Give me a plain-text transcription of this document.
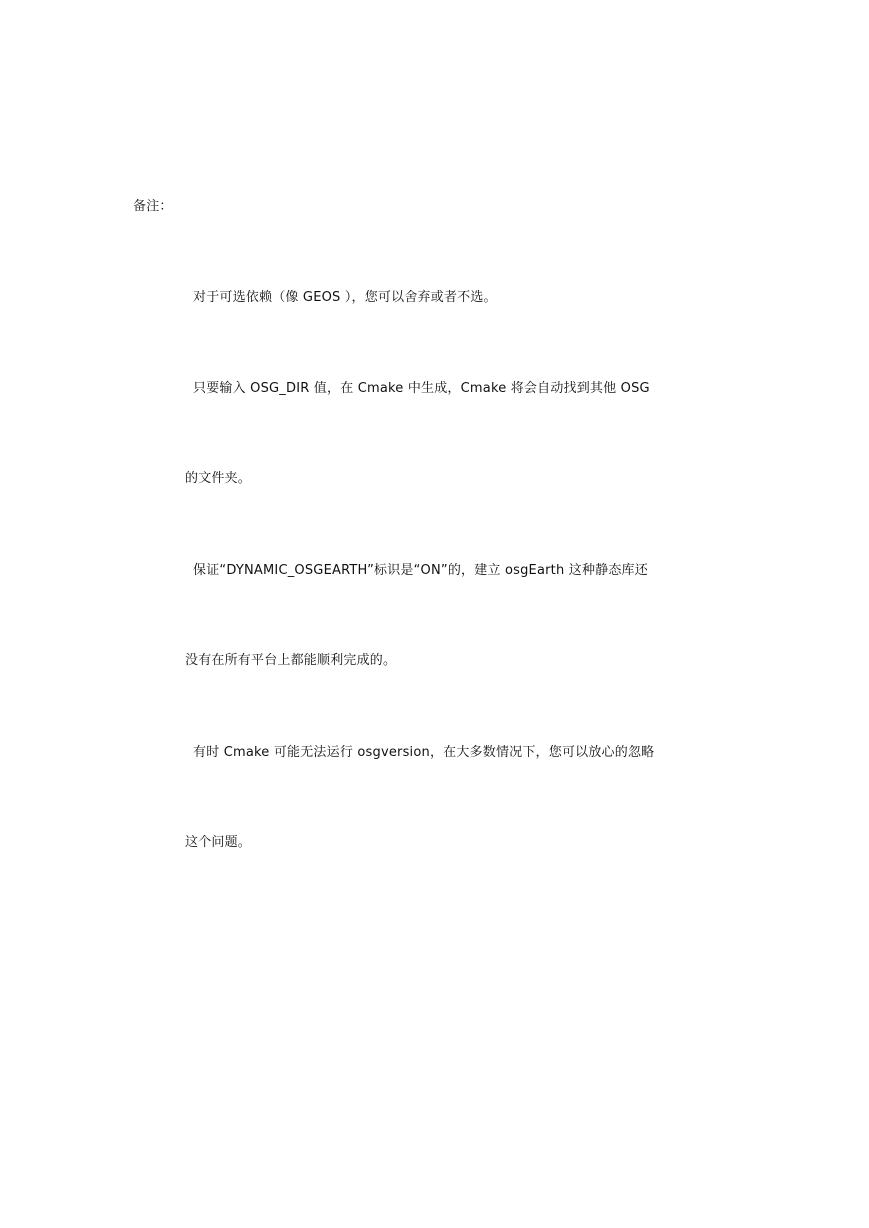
备注：
对于可选依赖（像 GEOS ），您可以舍弃或者不选。
只要输入 OSG_DIR 值，在 Cmake 中生成，Cmake 将会自动找到其他 OSG
的文件夹。
保证“DYNAMIC_OSGEARTH”标识是“ON”的，建立 osgEarth 这种静态库还
没有在所有平台上都能顺利完成的。
有时 Cmake 可能无法运行 osgversion，在大多数情况下，您可以放心的忽略
这个问题。
